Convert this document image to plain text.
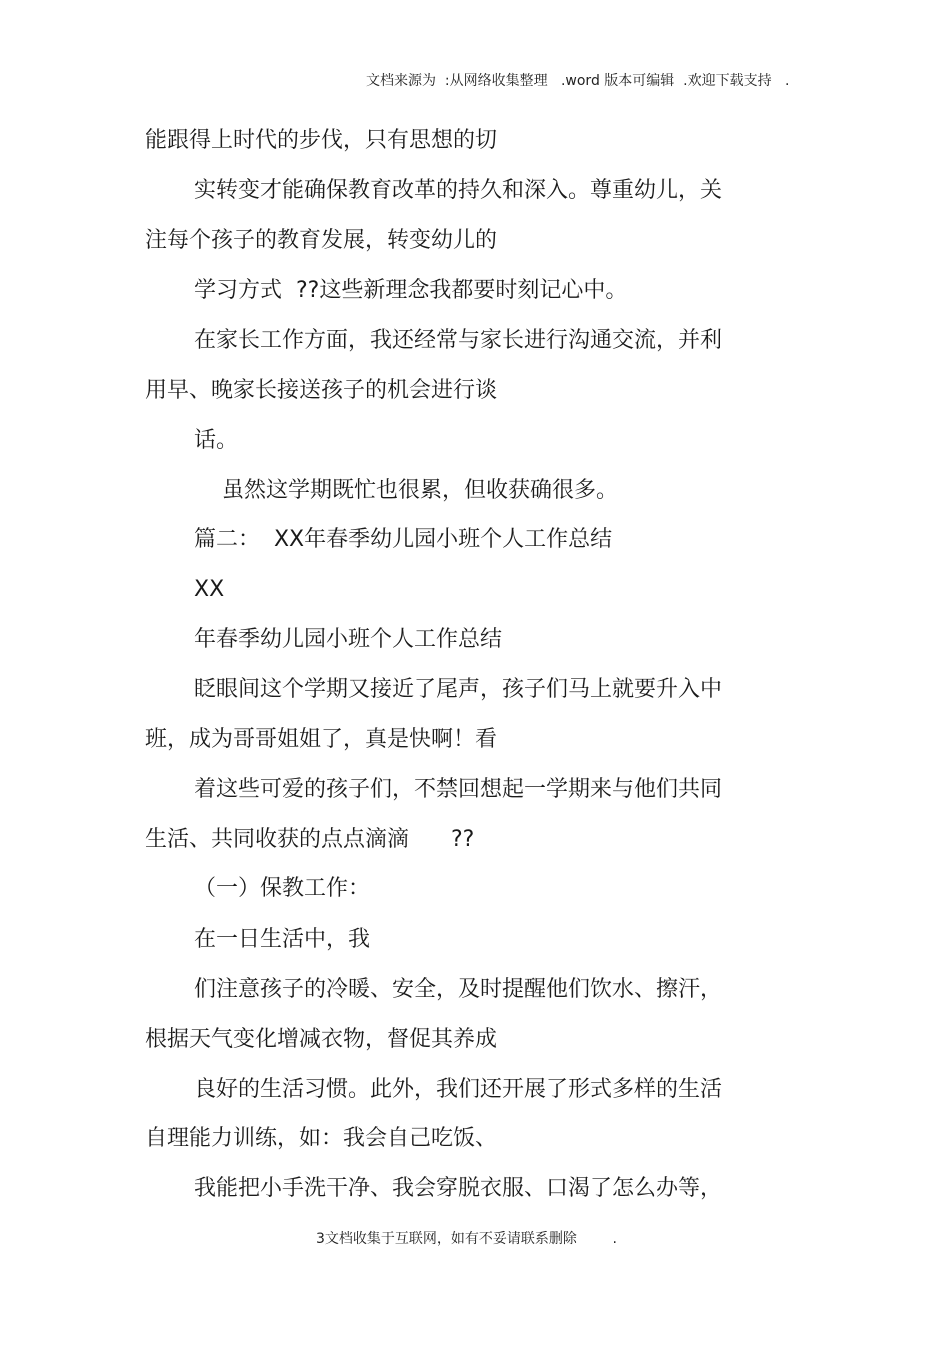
文档来源为  :从网络收集整理   .word 版本可编辑  .欢迎下载支持   .
能跟得上时代的步伐，只有思想的切
实转变才能确保教育改革的持久和深入。尊重幼儿，关
注每个孩子的教育发展，转变幼儿的
学习方式  ??这些新理念我都要时刻记心中。
在家长工作方面，我还经常与家长进行沟通交流，并利
用早、晚家长接送孩子的机会进行谈
话。
虽然这学期既忙也很累，但收获确很多。
篇二：  XX年春季幼儿园小班个人工作总结
XX
年春季幼儿园小班个人工作总结
眨眼间这个学期又接近了尾声，孩子们马上就要升入中
班，成为哥哥姐姐了，真是快啊！看
着这些可爱的孩子们，不禁回想起一学期来与他们共同
生活、共同收获的点点滴滴      ??
（一）保教工作：
在一日生活中，我
们注意孩子的冷暖、安全，及时提醒他们饮水、擦汗，
根据天气变化增减衣物，督促其养成
良好的生活习惯。此外，我们还开展了形式多样的生活
自理能力训练，如：我会自己吃饭、
我能把小手洗干净、我会穿脱衣服、口渴了怎么办等，
3文档收集于互联网，如有不妥请联系删除        .
